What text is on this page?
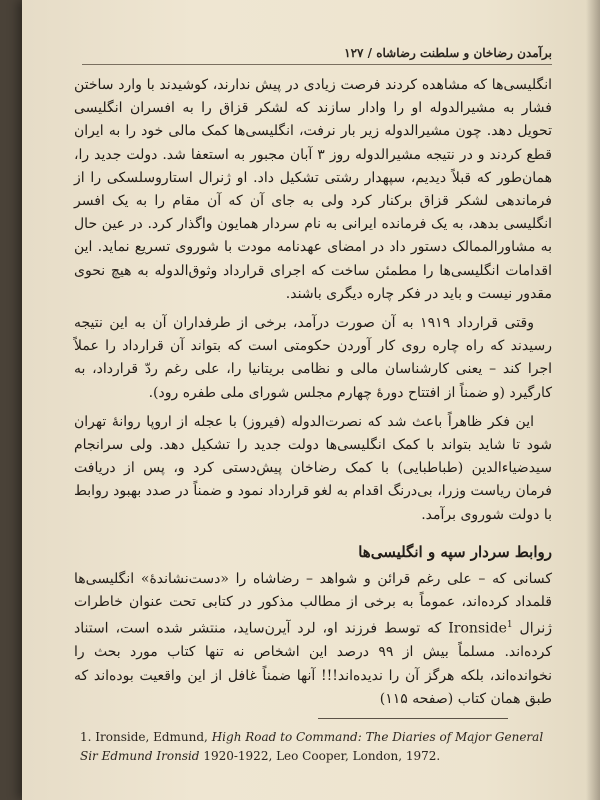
برآمدن رضاخان و سلطنت رضاشاه / ۱۲۷

انگلیسی‌ها که مشاهده کردند فرصت زیادی در پیش ندارند، کوشیدند با وارد ساختن فشار به مشیرالدوله او را وادار سازند که لشکر قزاق را به افسران انگلیسی تحویل دهد. چون مشیرالدوله زیر بار نرفت، انگلیسی‌ها کمک مالی خود را به ایران قطع کردند و در نتیجه مشیرالدوله روز ۳ آبان مجبور به استعفا شد. دولت جدید را، همان‌طور که قبلاً دیدیم، سپهدار رشتی تشکیل داد. او ژنرال استاروسلسکی را از فرماندهی لشکر قزاق برکنار کرد ولی به جای آن که آن مقام را به یک افسر انگلیسی بدهد، به یک فرمانده ایرانی به نام سردار همایون واگذار کرد. در عین حال به مشاورالممالک دستور داد در امضای عهدنامه مودت با شوروی تسریع نماید. این اقدامات انگلیسی‌ها را مطمئن ساخت که اجرای قرارداد وثوق‌الدوله به هیچ نحوی مقدور نیست و باید در فکر چاره دیگری باشند.

وقتی قرارداد ۱۹۱۹ به آن صورت درآمد، برخی از طرفداران آن به این نتیجه رسیدند که راه چاره روی کار آوردن حکومتی است که بتواند آن قرارداد را عملاً اجرا کند – یعنی کارشناسان مالی و نظامی بریتانیا را، علی رغم ردّ قرارداد، به کارگیرد (و ضمناً از افتتاح دورهٔ چهارم مجلس شورای ملی طفره رود).

این فکر ظاهراً باعث شد که نصرت‌الدوله (فیروز) با عجله از اروپا روانهٔ تهران شود تا شاید بتواند با کمک انگلیسی‌ها دولت جدید را تشکیل دهد. ولی سرانجام سیدضیاءالدین (طباطبایی) با کمک رضاخان پیش‌دستی کرد و، پس از دریافت فرمان ریاست وزرا، بی‌درنگ اقدام به لغو قرارداد نمود و ضمناً در صدد بهبود روابط با دولت شوروی برآمد.

روابط سردار سپه و انگلیسی‌ها

کسانی که – علی رغم قرائن و شواهد – رضاشاه را «دست‌نشاندهٔ» انگلیسی‌ها قلمداد کرده‌اند، عموماً به برخی از مطالب مذکور در کتابی تحت عنوان خاطرات ژنرال Ironside$^1$ که توسط فرزند او، لرد آیرن‌ساید، منتشر شده است، استناد کرده‌اند. مسلماً بیش از ۹۹ درصد این اشخاص نه تنها کتاب مورد بحث را نخوانده‌اند، بلکه هرگز آن را ندیده‌اند!!! آنها ضمناً غافل از این واقعیت بوده‌اند که طبق همان کتاب (صفحه ۱۱۵)

1. Ironside, Edmund, High Road to Command: The Diaries of Major General Sir Edmund Ironsid 1920-1922, Leo Cooper, London, 1972.
